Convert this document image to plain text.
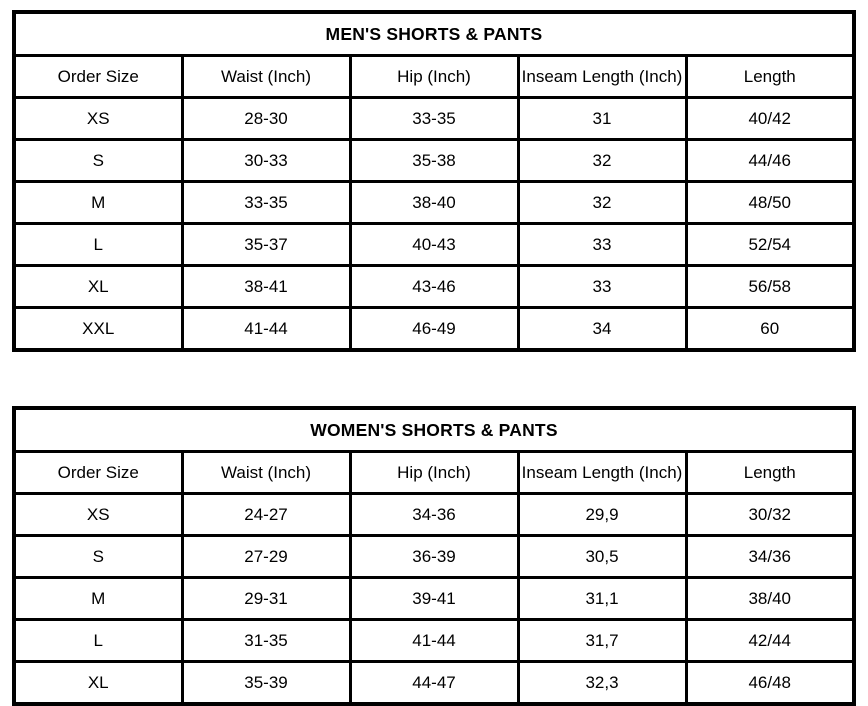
MEN'S SHORTS & PANTS				
Order Size	Waist (Inch)	Hip (Inch)	Inseam Length (Inch)	Length
XS	28-30	33-35	31	40/42
S	30-33	35-38	32	44/46
M	33-35	38-40	32	48/50
L	35-37	40-43	33	52/54
XL	38-41	43-46	33	56/58
XXL	41-44	46-49	34	60
WOMEN'S SHORTS & PANTS				
Order Size	Waist (Inch)	Hip (Inch)	Inseam Length (Inch)	Length
XS	24-27	34-36	29,9	30/32
S	27-29	36-39	30,5	34/36
M	29-31	39-41	31,1	38/40
L	31-35	41-44	31,7	42/44
XL	35-39	44-47	32,3	46/48
